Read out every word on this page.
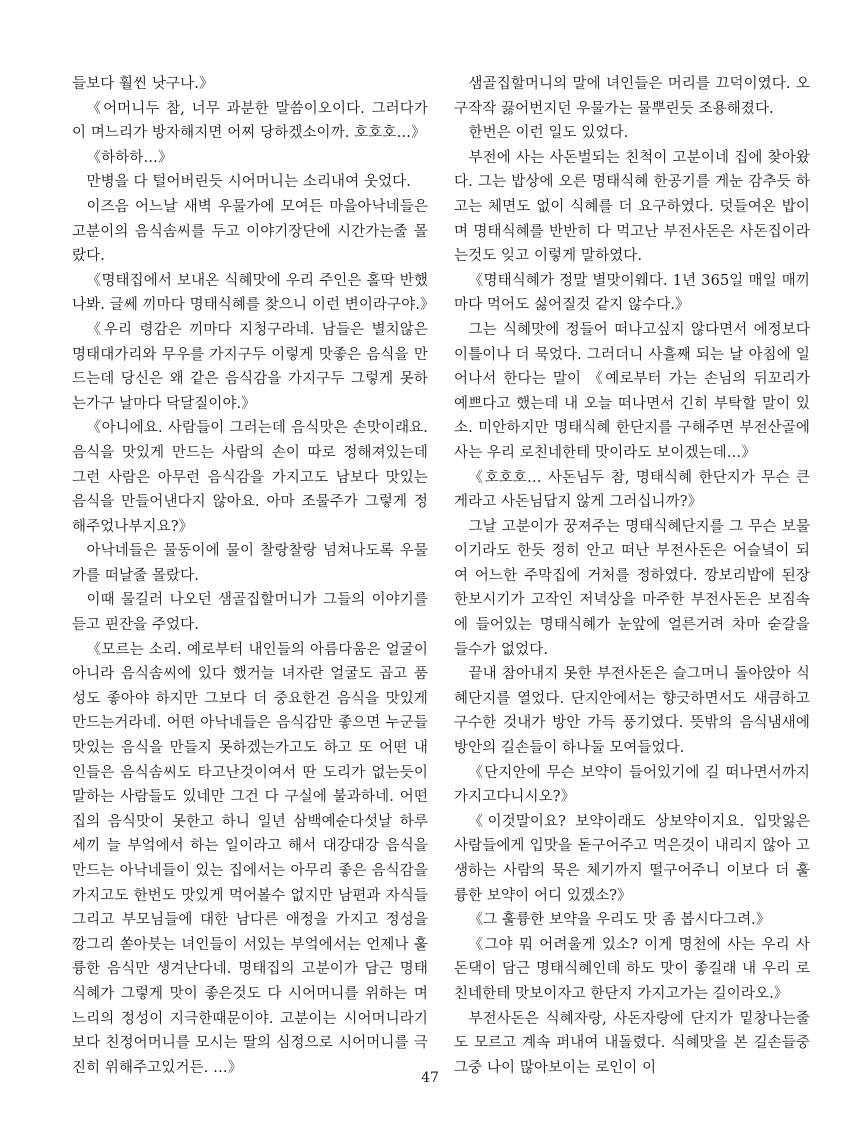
들보다 훨씬 낫구나.》

《어머니두 참, 너무 과분한 말씀이오이다. 그러다가 이 며느리가 방자해지면 어찌 당하겠소이까. 호호호…》

《하하하…》

만병을 다 털어버린듯 시어머니는 소리내여 웃었다.

이즈음 어느날 새벽 우물가에 모여든 마을아낙네들은 고분이의 음식솜씨를 두고 이야기장단에 시간가는줄 몰랐다.

《명태집에서 보내온 식혜맛에 우리 주인은 홀딱 반했나봐. 글쎄 끼마다 명태식혜를 찾으니 이런 변이라구야.》

《우리 령감은 끼마다 지청구라네. 남들은 별치않은 명태대가리와 무우를 가지구두 이렇게 맛좋은 음식을 만드는데 당신은 왜 같은 음식감을 가지구두 그렇게 못하는가구 날마다 닥달질이야.》

《아니에요. 사람들이 그러는데 음식맛은 손맛이래요. 음식을 맛있게 만드는 사람의 손이 따로 정해져있는데 그런 사람은 아무런 음식감을 가지고도 남보다 맛있는 음식을 만들어낸다지 않아요. 아마 조물주가 그렇게 정해주었나부지요?》

아낙네들은 물동이에 물이 찰랑찰랑 넘쳐나도록 우물가를 떠날줄 몰랐다.

이때 물길러 나오던 샘골집할머니가 그들의 이야기를 듣고 핀잔을 주었다.

《모르는 소리. 예로부터 내인들의 아름다움은 얼굴이 아니라 음식솜씨에 있다 했거늘 녀자란 얼굴도 곱고 품성도 좋아야 하지만 그보다 더 중요한건 음식을 맛있게 만드는거라네. 어떤 아낙네들은 음식감만 좋으면 누군들 맛있는 음식을 만들지 못하겠는가고도 하고 또 어떤 내인들은 음식솜씨도 타고난것이여서 딴 도리가 없는듯이 말하는 사람들도 있네만 그건 다 구실에 불과하네. 어떤 집의 음식맛이 못한고 하니 일년 삼백예순다섯날 하루 세끼 늘 부엌에서 하는 일이라고 해서 대강대강 음식을 만드는 아낙네들이 있는 집에서는 아무리 좋은 음식감을 가지고도 한번도 맛있게 먹어볼수 없지만 남편과 자식들 그리고 부모님들에 대한 남다른 애정을 가지고 정성을 깡그리 쏟아붓는 녀인들이 서있는 부엌에서는 언제나 훌륭한 음식만 생겨난다네. 명태집의 고분이가 담근 명태식혜가 그렇게 맛이 좋은것도 다 시어머니를 위하는 며느리의 정성이 지극한때문이야. 고분이는 시어머니라기보다 친정어머니를 모시는 딸의 심정으로 시어머니를 극진히 위해주고있거든. …》

샘골집할머니의 말에 녀인들은 머리를 끄덕이였다. 오구작작 끓어번지던 우물가는 물뿌린듯 조용해졌다.

한번은 이런 일도 있었다.

부전에 사는 사돈벌되는 친척이 고분이네 집에 찾아왔다. 그는 밥상에 오른 명태식혜 한공기를 게눈 감추듯 하고는 체면도 없이 식혜를 더 요구하였다. 덧들여온 밥이며 명태식혜를 반반히 다 먹고난 부전사돈은 사돈집이라는것도 잊고 이렇게 말하였다.

《명태식혜가 정말 별맛이웨다. 1년 365일 매일 매끼마다 먹어도 싫어질것 같지 않수다.》

그는 식혜맛에 정들어 떠나고싶지 않다면서 에정보다 이틀이나 더 묵었다. 그러더니 사흘째 되는 날 아침에 일어나서 한다는 말이 《예로부터 가는 손님의 뒤꼬리가 예쁘다고 했는데 내 오늘 떠나면서 긴히 부탁할 말이 있소. 미안하지만 명태식혜 한단지를 구해주면 부전산골에 사는 우리 로친네한테 맛이라도 보이겠는데…》

《호호호… 사돈님두 참, 명태식혜 한단지가 무슨 큰게라고 사돈님답지 않게 그러십니까?》

그날 고분이가 꿍져주는 명태식혜단지를 그 무슨 보물이기라도 한듯 정히 안고 떠난 부전사돈은 어슬녘이 되여 어느한 주막집에 거처를 정하였다. 깡보리밥에 된장 한보시기가 고작인 저녁상을 마주한 부전사돈은 보짐속에 들어있는 명태식혜가 눈앞에 얼른거려 차마 숟갈을 들수가 없었다.

끝내 참아내지 못한 부전사돈은 슬그머니 돌아앉아 식혜단지를 열었다. 단지안에서는 향긋하면서도 새큼하고 구수한 것내가 방안 가득 풍기였다. 뜻밖의 음식냄새에 방안의 길손들이 하나둘 모여들었다.

《단지안에 무슨 보약이 들어있기에 길 떠나면서까지 가지고다니시오?》

《이것말이요? 보약이래도 상보약이지요. 입맛잃은 사람들에게 입맛을 돋구어주고 먹은것이 내리지 않아 고생하는 사람의 묵은 체기까지 떨구어주니 이보다 더 훌륭한 보약이 어디 있겠소?》

《그 훌륭한 보약을 우리도 맛 좀 봅시다그려.》

《그야 뭐 어려울게 있소? 이게 명천에 사는 우리 사돈댁이 담근 명태식혜인데 하도 맛이 좋길래 내 우리 로친네한테 맛보이자고 한단지 가지고가는 길이라오.》

부전사돈은 식혜자랑, 사돈자랑에 단지가 밑창나는줄도 모르고 계속 퍼내여 내돌렸다. 식혜맛을 본 길손들중 그중 나이 많아보이는 로인이 이

47
